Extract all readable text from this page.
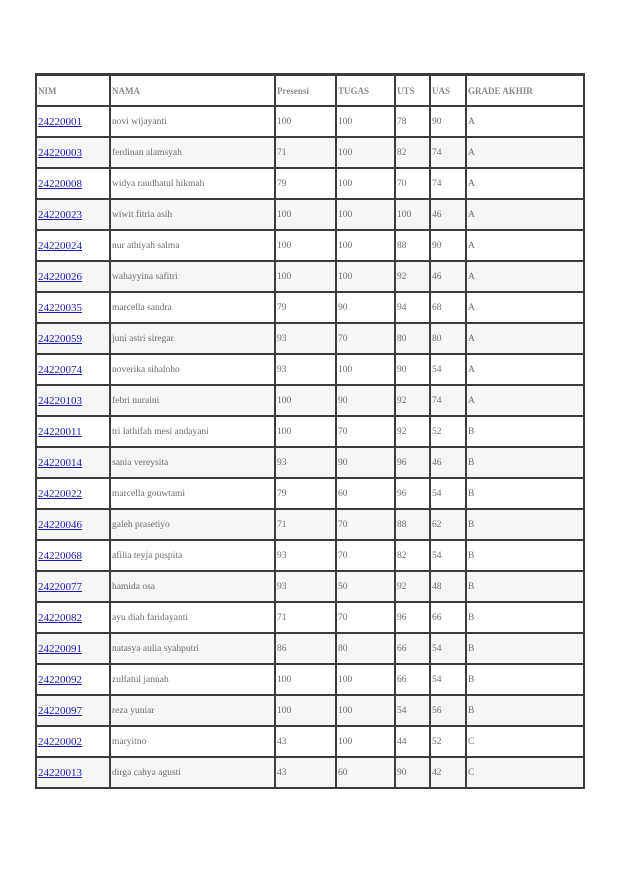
NIM	NAMA	Presensi	TUGAS	UTS	UAS	GRADE AKHIR
24220001	novi wijayanti	100	100	78	90	A
24220003	ferdinan alamsyah	71	100	82	74	A
24220008	widya raudhatul hikmah	79	100	70	74	A
24220023	wiwit fitria asih	100	100	100	46	A
24220024	nur athiyah salma	100	100	88	90	A
24220026	wahayyina safitri	100	100	92	46	A
24220035	marcella sandra	79	90	94	68	A
24220059	juni astri siregar	93	70	80	80	A
24220074	noverika sihaloho	93	100	90	54	A
24220103	febri nuraini	100	90	92	74	A
24220011	tri lathifah mesi andayani	100	70	92	52	B
24220014	sania vereysita	93	90	96	46	B
24220022	marcella gouwtami	79	60	96	54	B
24220046	galeh prasetiyo	71	70	88	62	B
24220068	afilia teyja puspita	93	70	82	54	B
24220077	hamida osa	93	50	92	48	B
24220082	ayu diah faridayanti	71	70	96	66	B
24220091	natasya aulia syahputri	86	80	66	54	B
24220092	zulfatul jannah	100	100	66	54	B
24220097	reza yuniar	100	100	54	56	B
24220002	maryitno	43	100	44	52	C
24220013	dirga cahya agusti	43	60	90	42	C
